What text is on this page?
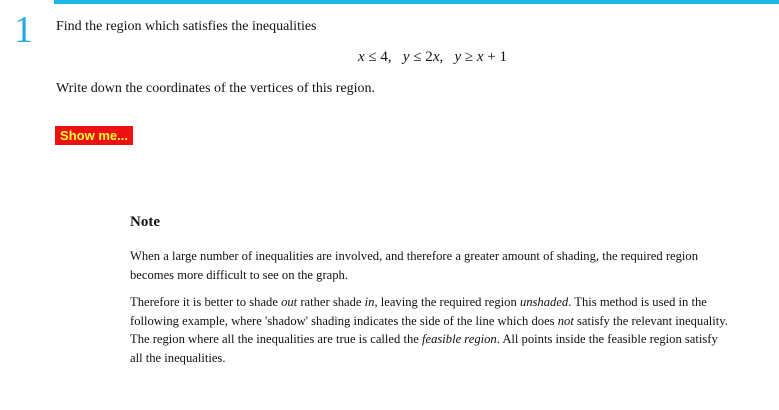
1 Find the region which satisfies the inequalities
x ≤ 4,   y ≤ 2x,   y ≥ x + 1
Write down the coordinates of the vertices of this region.
Show me...
Note

When a large number of inequalities are involved, and therefore a greater amount of shading, the required region becomes more difficult to see on the graph.

Therefore it is better to shade out rather shade in, leaving the required region unshaded. This method is used in the following example, where 'shadow' shading indicates the side of the line which does not satisfy the relevant inequality. The region where all the inequalities are true is called the feasible region. All points inside the feasible region satisfy all the inequalities.
